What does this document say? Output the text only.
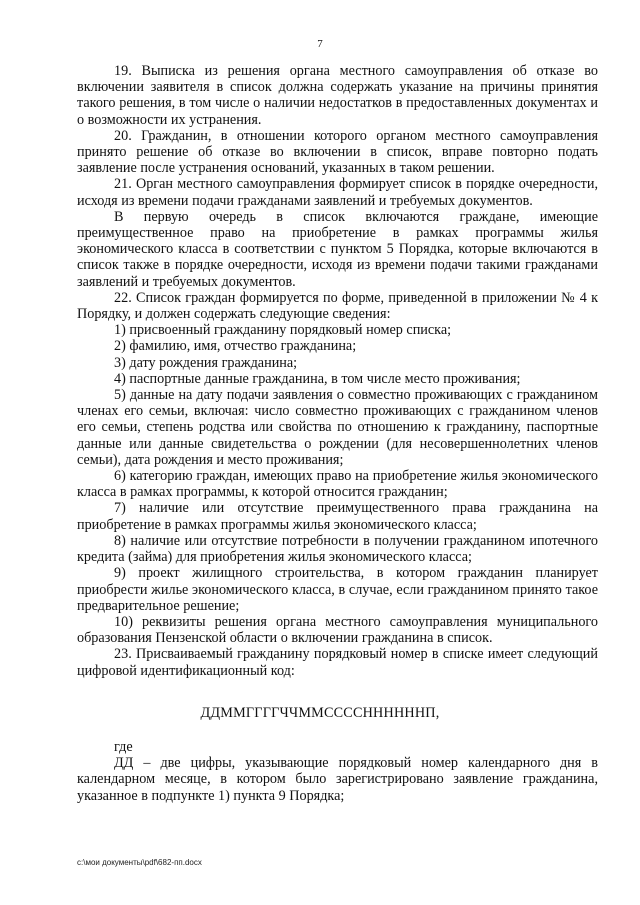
7

19. Выписка из решения органа местного самоуправления об отказе во включении заявителя в список должна содержать указание на причины принятия такого решения, в том числе о наличии недостатков в предоставленных документах и о возможности их устранения.

20. Гражданин, в отношении которого органом местного самоуправления принято решение об отказе во включении в список, вправе повторно подать заявление после устранения оснований, указанных в таком решении.

21. Орган местного самоуправления формирует список в порядке очередности, исходя из времени подачи гражданами заявлений и требуемых документов.

В первую очередь в список включаются граждане, имеющие преимущественное право на приобретение в рамках программы жилья экономического класса в соответствии с пунктом 5 Порядка, которые включаются в список также в порядке очередности, исходя из времени подачи такими гражданами заявлений и требуемых документов.

22. Список граждан формируется по форме, приведенной в приложении № 4 к Порядку, и должен содержать следующие сведения:

1) присвоенный гражданину порядковый номер списка;

2) фамилию, имя, отчество гражданина;

3) дату рождения гражданина;

4) паспортные данные гражданина, в том числе место проживания;

5) данные на дату подачи заявления о совместно проживающих с гражданином членах его семьи, включая: число совместно проживающих с гражданином членов его семьи, степень родства или свойства по отношению к гражданину, паспортные данные или данные свидетельства о рождении (для несовершеннолетних членов семьи), дата рождения и место проживания;

6) категорию граждан, имеющих право на приобретение жилья экономического класса в рамках программы, к которой относится гражданин;

7) наличие или отсутствие преимущественного права гражданина на приобретение в рамках программы жилья экономического класса;

8) наличие или отсутствие потребности в получении гражданином ипотечного кредита (займа) для приобретения жилья экономического класса;

9) проект жилищного строительства, в котором гражданин планирует приобрести жилье экономического класса, в случае, если гражданином принято такое предварительное решение;

10) реквизиты решения органа местного самоуправления муниципального образования Пензенской области о включении гражданина в список.

23. Присваиваемый гражданину порядковый номер в списке имеет следующий цифровой идентификационный код:

ДДММГГГГЧЧММССССННННННП,

где

ДД – две цифры, указывающие порядковый номер календарного дня в календарном месяце, в котором было зарегистрировано заявление гражданина, указанное в подпункте 1) пункта 9 Порядка;

c:\мои документы\pdf\682-пп.docx
